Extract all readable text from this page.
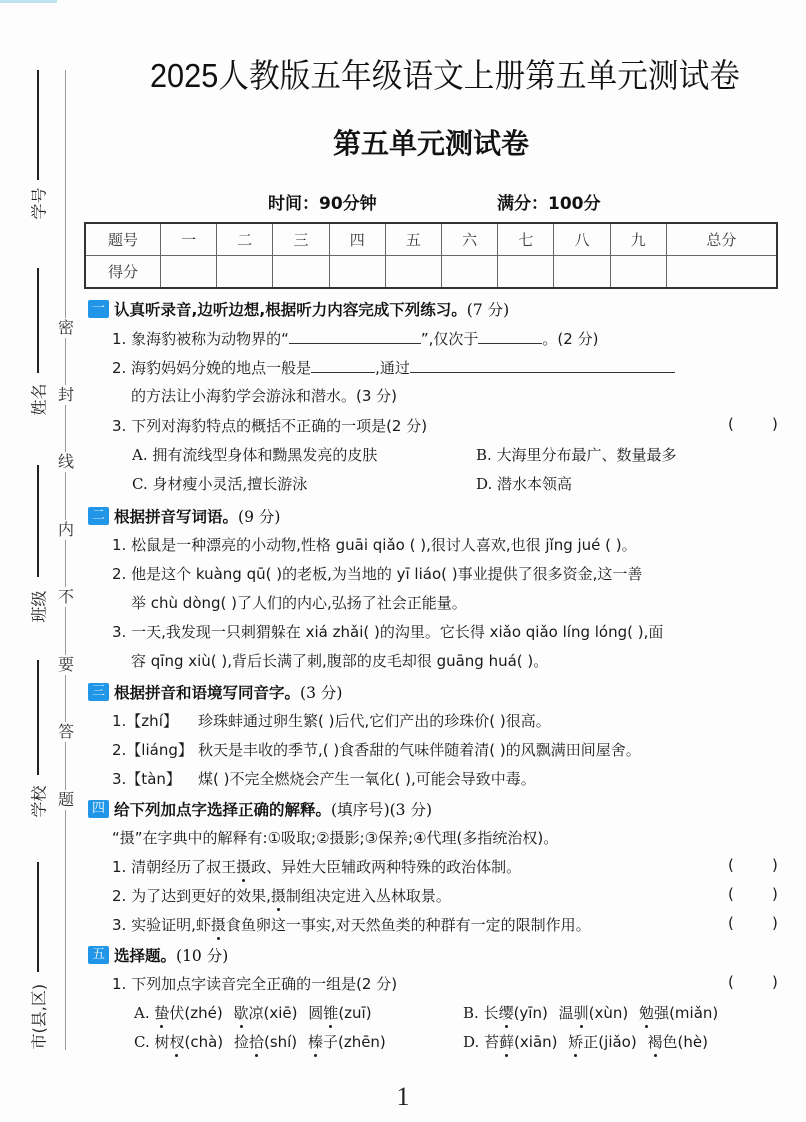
学号
姓名
班级
学校
市(县,区)
密
封
线
内
不
要
答
题
2025人教版五年级语文上册第五单元测试卷
第五单元测试卷
时间：90分钟	满分：100分
题号	一	二	三	四	五	六	七	八	九	总分
得分										
一 认真听录音,边听边想,根据听力内容完成下列练习。 (7 分)
1. 象海豹被称为动物界的“	”,仅次于	。(2 分)
2. 海豹妈妈分娩的地点一般是	,通过
的方法让小海豹学会游泳和潜水。(3 分)
3. 下列对海豹特点的概括不正确的一项是(2 分)	(        )
A. 拥有流线型身体和黝黑发亮的皮肤	B. 大海里分布最广、数量最多
C. 身材瘦小灵活,擅长游泳	D. 潜水本领高
二 根据拼音写词语。 (9 分)
1. 松鼠是一种漂亮的小动物,性格 guāi qiǎo ( ),很讨人喜欢,也很 jǐng jué ( )。
2. 他是这个 kuàng qū( )的老板,为当地的 yī liáo( )事业提供了很多资金,这一善
举 chù dòng( )了人们的内心,弘扬了社会正能量。
3. 一天,我发现一只刺猬躲在 xiá zhǎi( )的沟里。它长得 xiǎo qiǎo líng lóng( ),面
容 qīng xiù( ),背后长满了刺,腹部的皮毛却很 guāng huá( )。
三 根据拼音和语境写同音字。 (3 分)
1.【zhí】 珍珠蚌通过卵生繁( )后代,它们产出的珍珠价( )很高。
2.【liáng】 秋天是丰收的季节,( )食香甜的气味伴随着清( )的风飘满田间屋舍。
3.【tàn】 煤( )不完全燃烧会产生一氧化( ),可能会导致中毒。
四 给下列加点字选择正确的解释。 (填序号)(3 分)
“摄”在字典中的解释有:①吸取;②摄影;③保养;④代理(多指统治权)。
1. 清朝经历了叔王摄政、异姓大臣辅政两种特殊的政治体制。	(        )
2. 为了达到更好的效果,摄制组决定进入丛林取景。	(        )
3. 实验证明,虾摄食鱼卵这一事实,对天然鱼类的种群有一定的限制作用。	(        )
五 选择题。 (10 分)
1. 下列加点字读音完全正确的一组是(2 分)	(        )
A. 蛰伏(zhé) 歇凉(xiē) 圆锥(zuī)	B. 长缨(yīn) 温驯(xùn) 勉强(miǎn)
C. 树杈(chà) 捡拾(shí) 榛子(zhēn)	D. 苔藓(xiān) 矫正(jiǎo) 褐色(hè)
1
